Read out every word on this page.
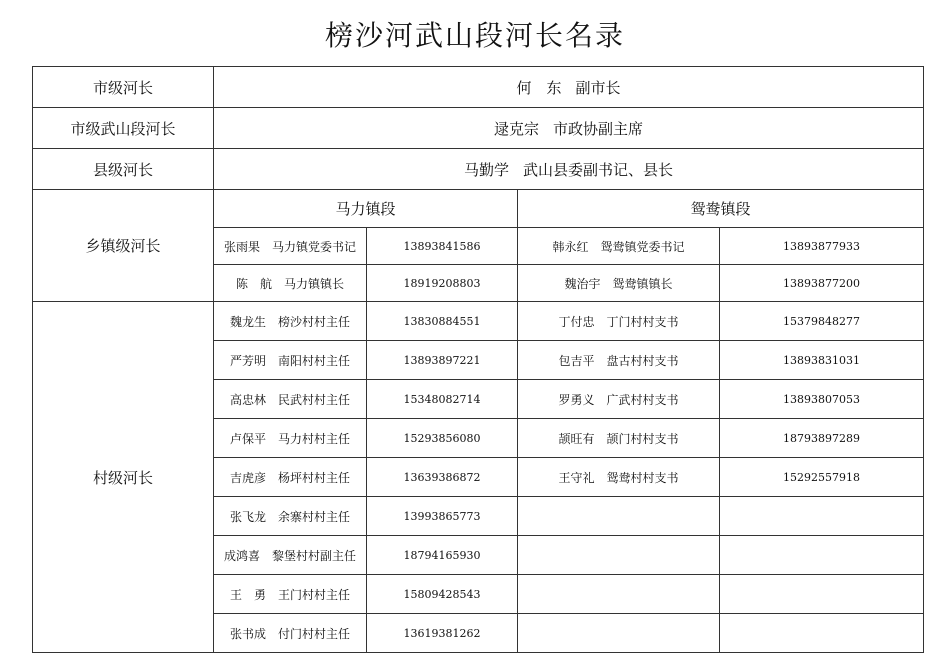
榜沙河武山段河长名录
市级河长	何　东 副市长			
市级武山段河长	逯克宗 市政协副主席			
县级河长	马勤学 武山县委副书记、县长			
乡镇级河长	马力镇段		鸳鸯镇段	
	张雨果　马力镇党委书记	13893841586	韩永红　鸳鸯镇党委书记	13893877933
	陈　航　马力镇镇长	18919208803	魏治宇　鸳鸯镇镇长	13893877200
村级河长	魏龙生　榜沙村村主任	13830884551	丁付忠　丁门村村支书	15379848277
	严芳明　南阳村村主任	13893897221	包吉平　盘古村村支书	13893831031
	高忠林　民武村村主任	15348082714	罗勇义　广武村村支书	13893807053
	卢保平　马力村村主任	15293856080	颉旺有　颉门村村支书	18793897289
	吉虎彦　杨坪村村主任	13639386872	王守礼　鸳鸯村村支书	15292557918
	张飞龙　余寨村村主任	13993865773		
	成鸿喜　黎堡村村副主任	18794165930		
	王　勇　王门村村主任	15809428543		
	张书成　付门村村主任	13619381262		
